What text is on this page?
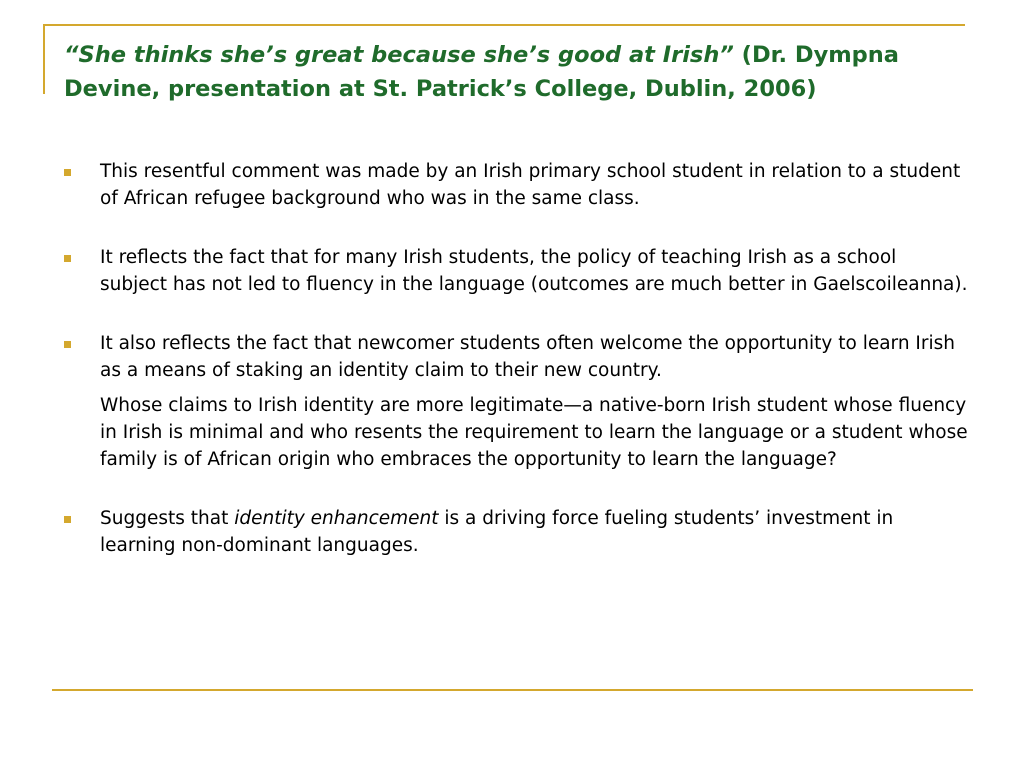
“She thinks she’s great because she’s good at Irish” (Dr. Dympna Devine, presentation at St. Patrick’s College, Dublin, 2006)

This resentful comment was made by an Irish primary school student in relation to a student of African refugee background who was in the same class.

It reflects the fact that for many Irish students, the policy of teaching Irish as a school subject has not led to fluency in the language (outcomes are much better in Gaelscoileanna).

It also reflects the fact that newcomer students often welcome the opportunity to learn Irish as a means of staking an identity claim to their new country.

Whose claims to Irish identity are more legitimate—a native-born Irish student whose fluency in Irish is minimal and who resents the requirement to learn the language or a student whose family is of African origin who embraces the opportunity to learn the language?

Suggests that identity enhancement is a driving force fueling students’ investment in learning non-dominant languages.
